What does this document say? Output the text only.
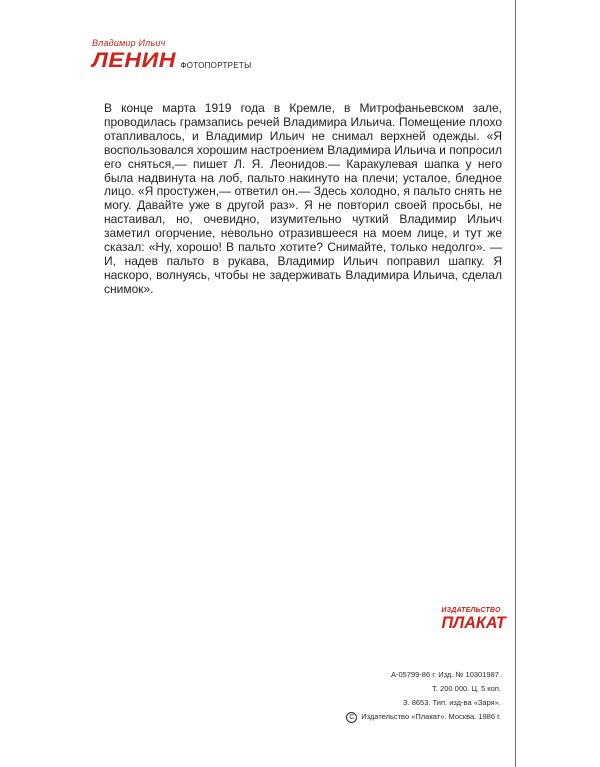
Владимир Ильич
ЛЕНИН ФОТОПОРТРЕТЫ
В конце марта 1919 года в Кремле, в Митрофаньевском зале, проводилась грамзапись речей Владимира Ильича. Помещение плохо отапливалось, и Владимир Ильич не снимал верхней одежды. «Я воспользовался хорошим настроением Владимира Ильича и попросил его сняться,— пишет Л. Я. Леонидов.— Каракулевая шапка у него была надвинута на лоб, пальто накинуто на плечи; усталое, бледное лицо. «Я простужен,— ответил он.— Здесь холодно, я пальто снять не могу. Давайте уже в другой раз». Я не повторил своей просьбы, не настаивал, но, очевидно, изумительно чуткий Владимир Ильич заметил огорчение, невольно отразившееся на моем лице, и тут же сказал: «Ну, хорошо! В пальто хотите? Снимайте, только недолго». — И, надев пальто в рукава, Владимир Ильич поправил шапку. Я наскоро, волнуясь, чтобы не задерживать Владимира Ильича, сделал снимок».
ИЗДАТЕЛЬСТВО
ПЛАКАТ
А-05799-86 г. Изд. № 10301987.
Т. 200 000. Ц. 5 коп.
З. 8653. Тип. изд-ва «Заря».
C Издательство «Плакат». Москва. 1986 г.
